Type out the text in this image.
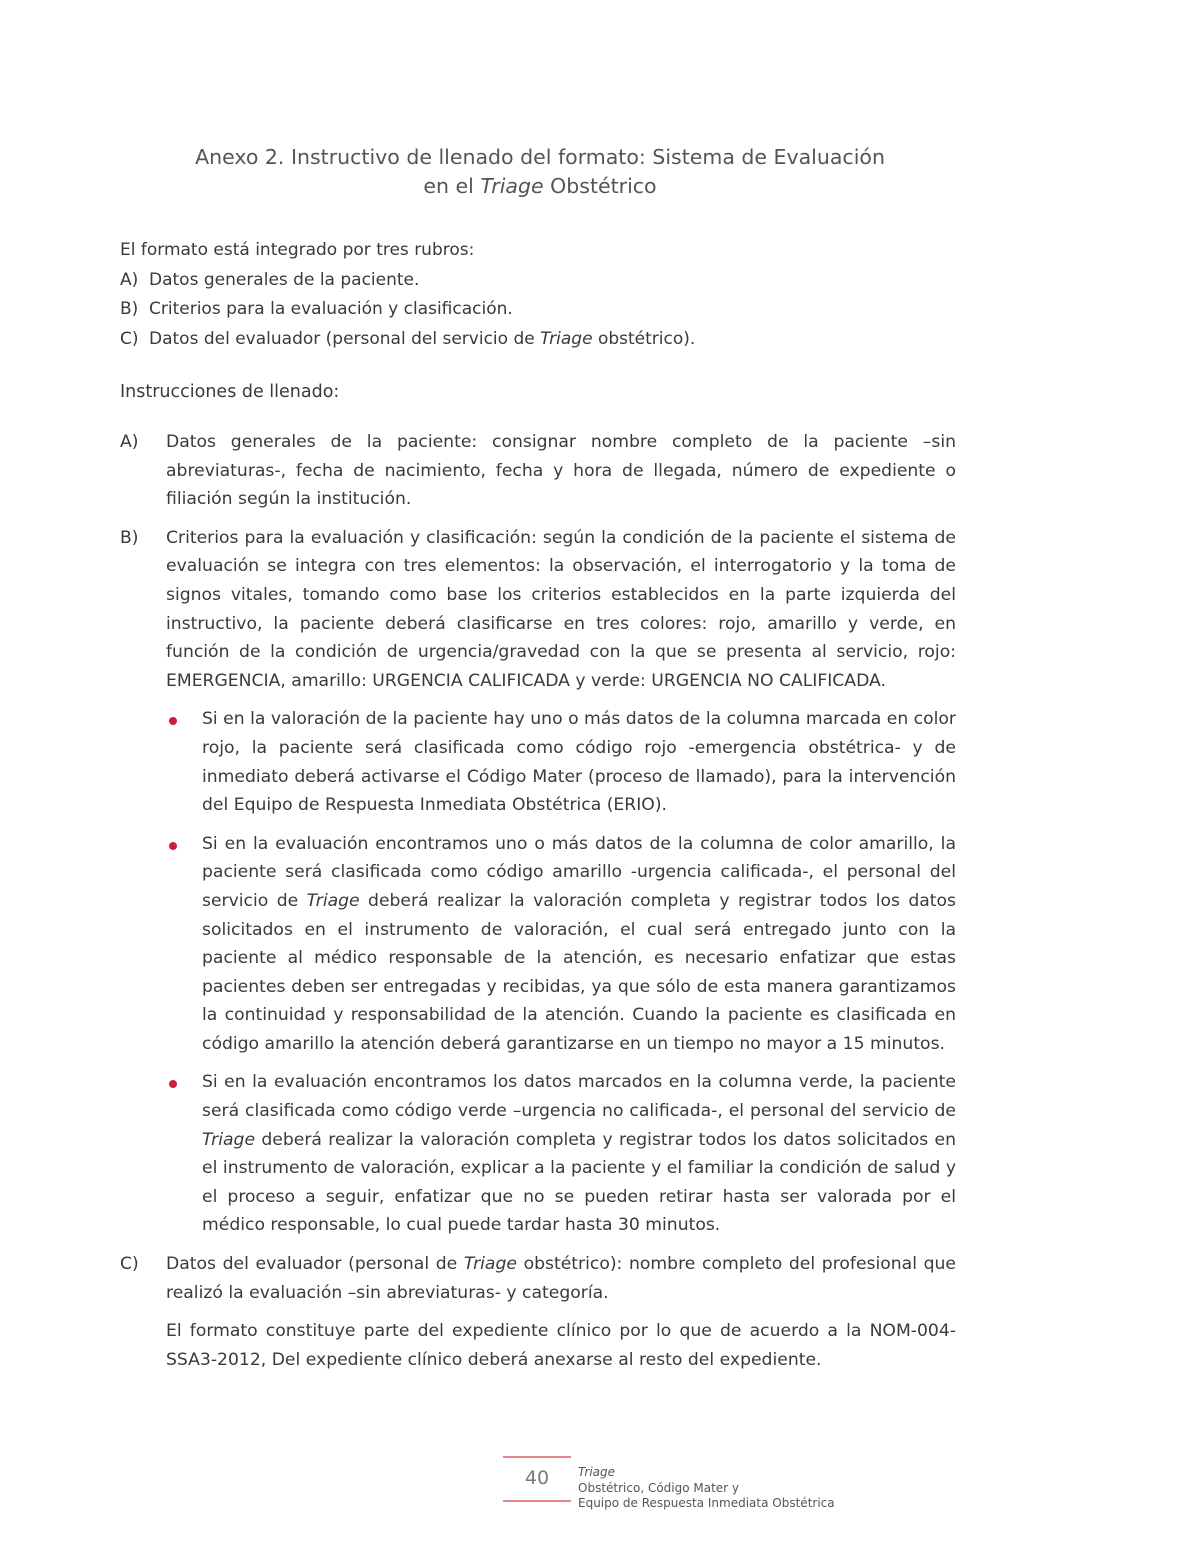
Anexo 2. Instructivo de llenado del formato: Sistema de Evaluación
en el Triage Obstétrico
El formato está integrado por tres rubros:
A) Datos generales de la paciente.
B) Criterios para la evaluación y clasificación.
C) Datos del evaluador (personal del servicio de Triage obstétrico).
Instrucciones de llenado:
A) Datos generales de la paciente: consignar nombre completo de la paciente –sin abreviaturas-, fecha de nacimiento, fecha y hora de llegada, número de expediente o filiación según la institución.
B) Criterios para la evaluación y clasificación: según la condición de la paciente el sistema de evaluación se integra con tres elementos: la observación, el interrogatorio y la toma de signos vitales, tomando como base los criterios establecidos en la parte izquierda del instructivo, la paciente deberá clasificarse en tres colores: rojo, amarillo y verde, en función de la condición de urgencia/gravedad con la que se presenta al servicio, rojo: EMERGENCIA, amarillo: URGENCIA CALIFICADA y verde: URGENCIA NO CALIFICADA.
Si en la valoración de la paciente hay uno o más datos de la columna marcada en color rojo, la paciente será clasificada como código rojo -emergencia obstétrica- y de inmediato deberá activarse el Código Mater (proceso de llamado), para la intervención del Equipo de Respuesta Inmediata Obstétrica (ERIO).
Si en la evaluación encontramos uno o más datos de la columna de color amarillo, la paciente será clasificada como código amarillo -urgencia calificada-, el personal del servicio de Triage deberá realizar la valoración completa y registrar todos los datos solicitados en el instrumento de valoración, el cual será entregado junto con la paciente al médico responsable de la atención, es necesario enfatizar que estas pacientes deben ser entregadas y recibidas, ya que sólo de esta manera garantizamos la continuidad y responsabilidad de la atención. Cuando la paciente es clasificada en código amarillo la atención deberá garantizarse en un tiempo no mayor a 15 minutos.
Si en la evaluación encontramos los datos marcados en la columna verde, la paciente será clasificada como código verde –urgencia no calificada-, el personal del servicio de Triage deberá realizar la valoración completa y registrar todos los datos solicitados en el instrumento de valoración, explicar a la paciente y el familiar la condición de salud y el proceso a seguir, enfatizar que no se pueden retirar hasta ser valorada por el médico responsable, lo cual puede tardar hasta 30 minutos.
C) Datos del evaluador (personal de Triage obstétrico): nombre completo del profesional que realizó la evaluación –sin abreviaturas- y categoría.
El formato constituye parte del expediente clínico por lo que de acuerdo a la NOM-004-SSA3-2012, Del expediente clínico deberá anexarse al resto del expediente.
40	Triage
Obstétrico, Código Mater y
Equipo de Respuesta Inmediata Obstétrica
